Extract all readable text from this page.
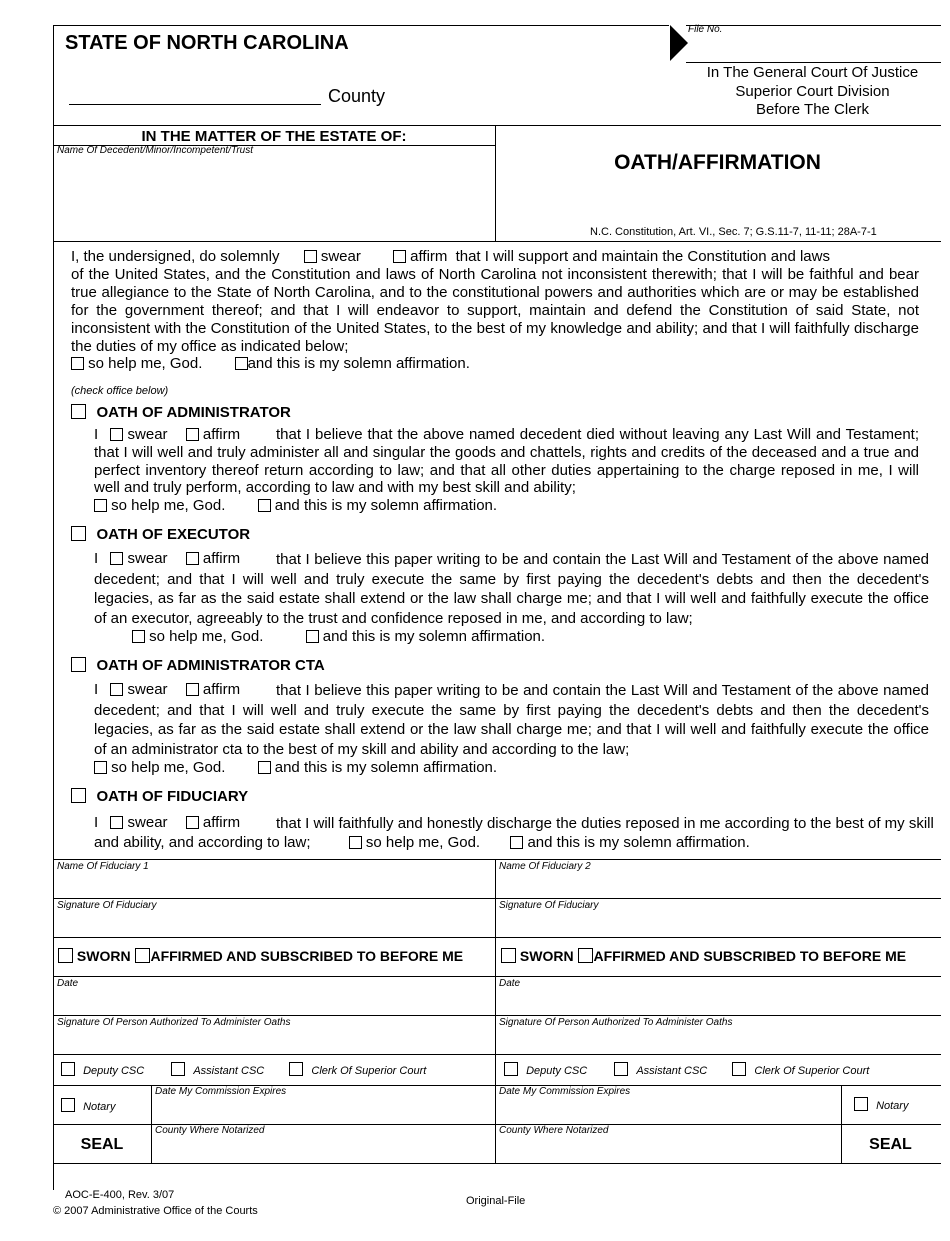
File No.
STATE OF NORTH CAROLINA
County
In The General Court Of Justice
Superior Court Division
Before The Clerk
IN THE MATTER OF THE ESTATE OF:
Name Of Decedent/Minor/Incompetent/Trust
OATH/AFFIRMATION
N.C. Constitution, Art. VI., Sec. 7; G.S.11-7, 11-11; 28A-7-1
I, the undersigned, do solemnly	swear	affirm that I will support and maintain the Constitution and laws
of the United States, and the Constitution and laws of North Carolina not inconsistent therewith; that I will be faithful and bear true allegiance to the State of North Carolina, and to the constitutional powers and authorities which are or may be established for the government thereof; and that I will endeavor to support, maintain and defend the Constitution of said State, not inconsistent with the Constitution of the United States, to the best of my knowledge and ability; and that I will faithfully discharge the duties of my office as indicated below;
so help me, God.	and this is my solemn affirmation.
(check office below)
OATH OF ADMINISTRATOR
I swear affirm	that I believe that the above named decedent died without leaving any Last Will and Testament; that I will well and truly administer all and singular the goods and chattels, rights and credits of the deceased and a true and perfect inventory thereof return according to law; and that all other duties appertaining to the charge reposed in me, I will well and truly perform, according to law and with my best skill and ability;
so help me, God.	and this is my solemn affirmation.
OATH OF EXECUTOR
I swear affirm	that I believe this paper writing to be and contain the Last Will and Testament of the above named decedent; and that I will well and truly execute the same by first paying the decedent's debts and then the decedent's legacies, as far as the said estate shall extend or the law shall charge me; and that I will well and faithfully execute the office of an executor, agreeably to the trust and confidence reposed in me, and according to law;
so help me, God.	and this is my solemn affirmation.
OATH OF ADMINISTRATOR CTA
I swear affirm	that I believe this paper writing to be and contain the Last Will and Testament of the above named decedent; and that I will well and truly execute the same by first paying the decedent's debts and then the decedent's legacies, as far as the said estate shall extend or the law shall charge me; and that I will well and faithfully execute the office of an administrator cta to the best of my skill and ability and according to the law;
so help me, God.	and this is my solemn affirmation.
OATH OF FIDUCIARY
I swear affirm	that I will faithfully and honestly discharge the duties reposed in me according to the best of my skill and ability, and according to law;	so help me, God.	and this is my solemn affirmation.
Name Of Fiduciary 1
Signature Of Fiduciary
SWORN AFFIRMED AND SUBSCRIBED TO BEFORE ME
Date
Signature Of Person Authorized To Administer Oaths
Deputy CSC	Assistant CSC	Clerk Of Superior Court
Notary
Date My Commission Expires
County Where Notarized
SEAL
Name Of Fiduciary 2
Signature Of Fiduciary
SWORN AFFIRMED AND SUBSCRIBED TO BEFORE ME
Date
Signature Of Person Authorized To Administer Oaths
Deputy CSC	Assistant CSC	Clerk Of Superior Court
Date My Commission Expires
County Where Notarized
Notary
SEAL
AOC-E-400, Rev. 3/07
© 2007 Administrative Office of the Courts
Original-File
